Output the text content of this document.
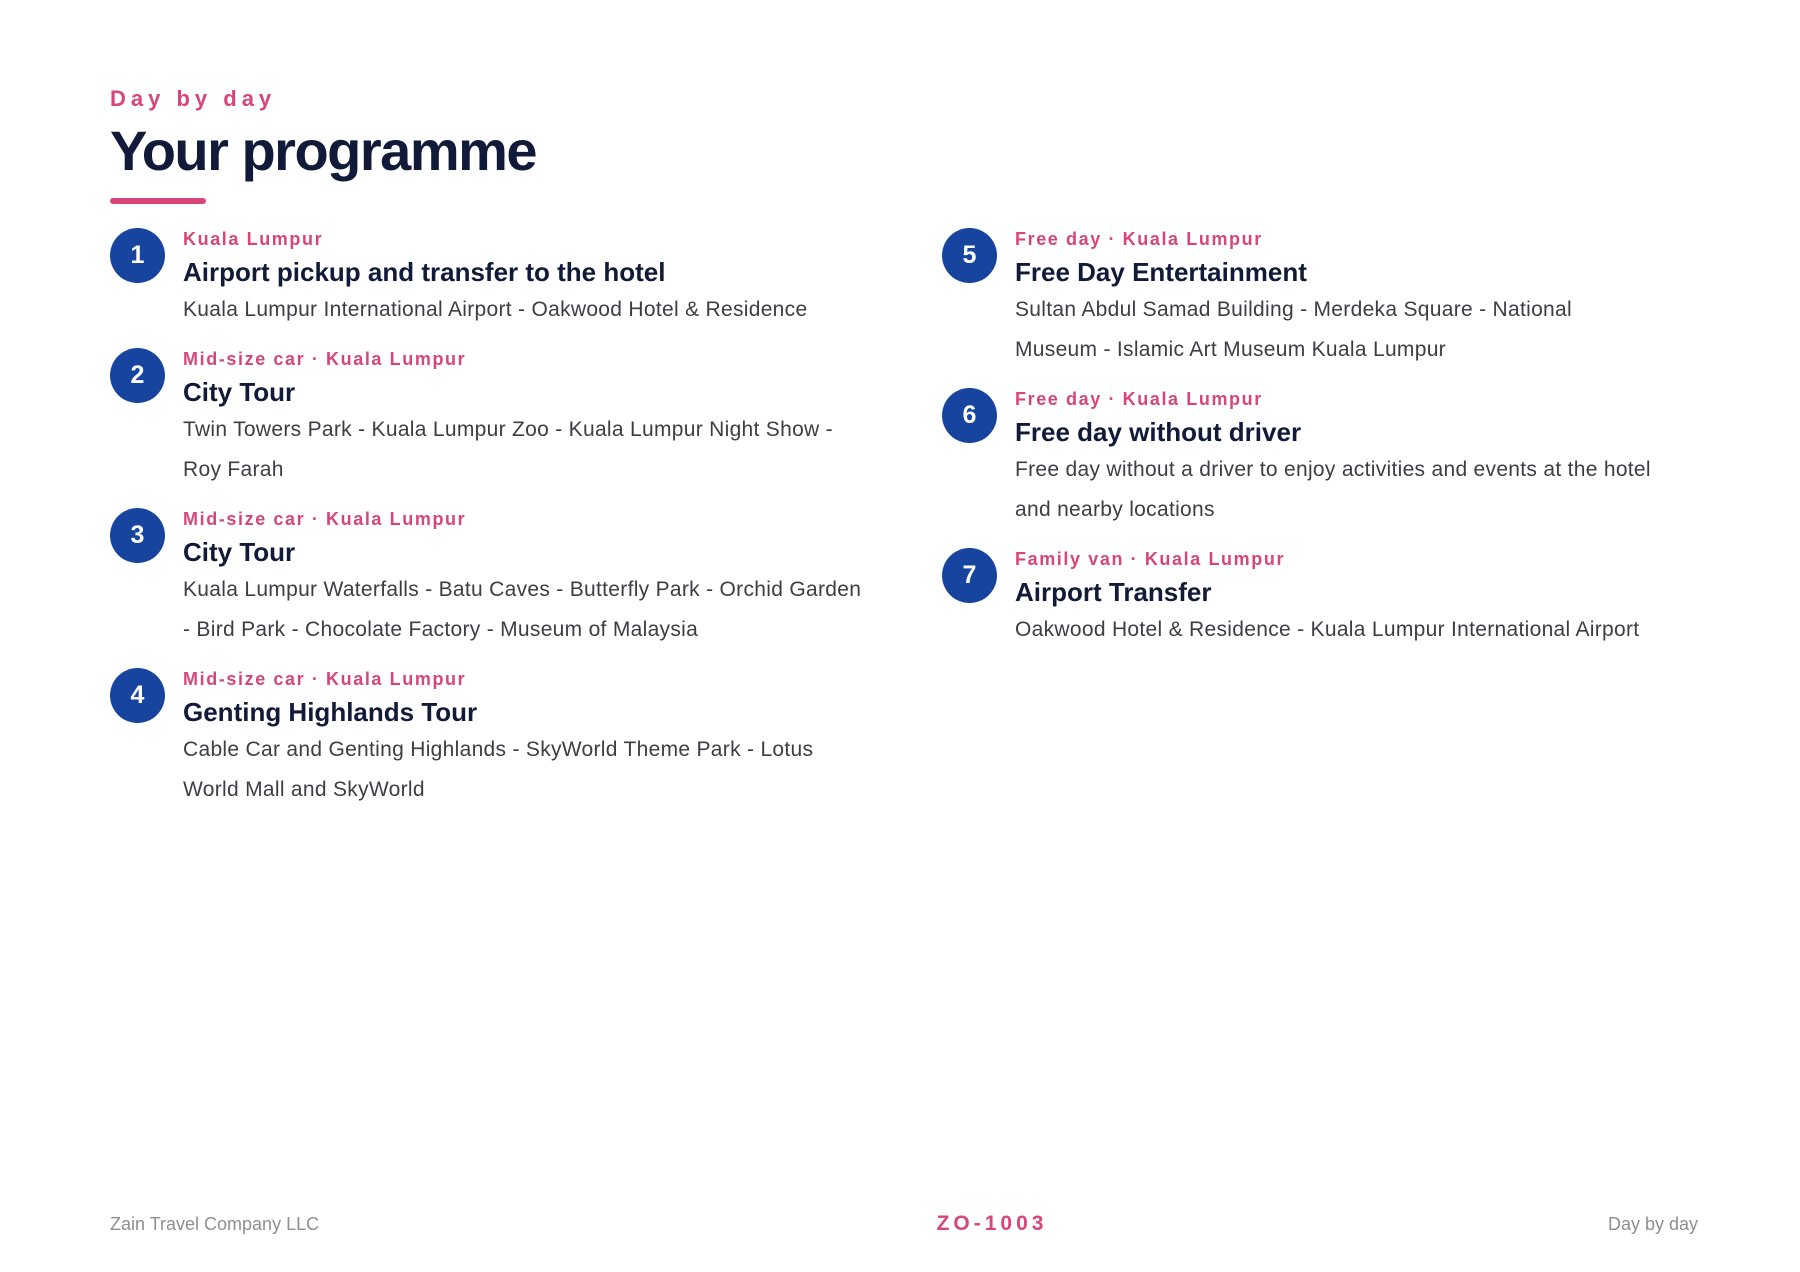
Day by day
Your programme
1
Kuala Lumpur
Airport pickup and transfer to the hotel
Kuala Lumpur International Airport - Oakwood Hotel & Residence
2
Mid-size car · Kuala Lumpur
City Tour
Twin Towers Park - Kuala Lumpur Zoo - Kuala Lumpur Night Show - Roy Farah
3
Mid-size car · Kuala Lumpur
City Tour
Kuala Lumpur Waterfalls - Batu Caves - Butterfly Park - Orchid Garden - Bird Park - Chocolate Factory - Museum of Malaysia
4
Mid-size car · Kuala Lumpur
Genting Highlands Tour
Cable Car and Genting Highlands - SkyWorld Theme Park - Lotus World Mall and SkyWorld
5
Free day · Kuala Lumpur
Free Day Entertainment
Sultan Abdul Samad Building - Merdeka Square - National Museum - Islamic Art Museum Kuala Lumpur
6
Free day · Kuala Lumpur
Free day without driver
Free day without a driver to enjoy activities and events at the hotel and nearby locations
7
Family van · Kuala Lumpur
Airport Transfer
Oakwood Hotel & Residence - Kuala Lumpur International Airport
Zain Travel Company LLC	ZO-1003	Day by day
